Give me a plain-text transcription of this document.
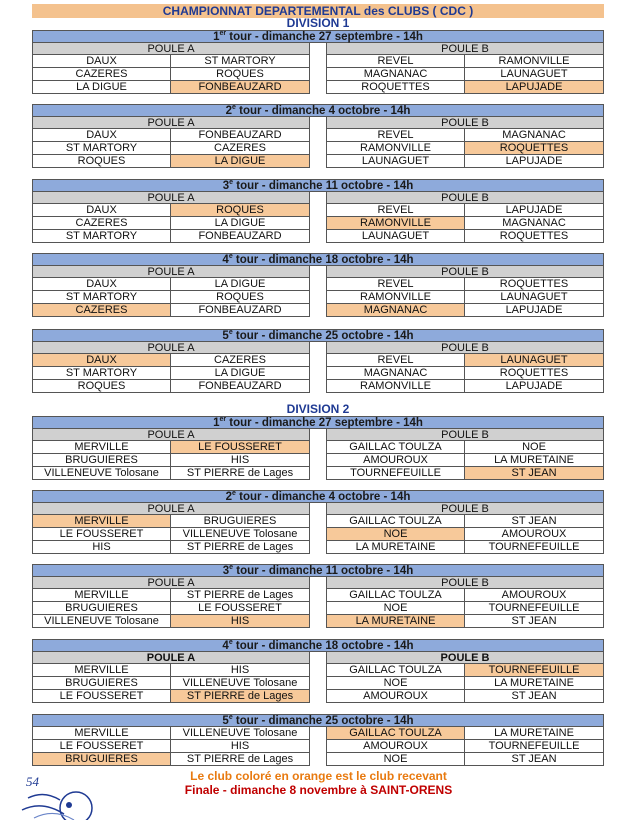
CHAMPIONNAT DEPARTEMENTAL des CLUBS ( CDC )
DIVISION 1
1er tour - dimanche 27 septembre - 14h
POULE A
DAUX	ST MARTORY
CAZERES	ROQUES
LA DIGUE	FONBEAUZARD
POULE B
REVEL	RAMONVILLE
MAGNANAC	LAUNAGUET
ROQUETTES	LAPUJADE
2e tour - dimanche 4 octobre - 14h
POULE A
DAUX	FONBEAUZARD
ST MARTORY	CAZERES
ROQUES	LA DIGUE
POULE B
REVEL	MAGNANAC
RAMONVILLE	ROQUETTES
LAUNAGUET	LAPUJADE
3e tour - dimanche 11 octobre - 14h
POULE A
DAUX	ROQUES
CAZERES	LA DIGUE
ST MARTORY	FONBEAUZARD
POULE B
REVEL	LAPUJADE
RAMONVILLE	MAGNANAC
LAUNAGUET	ROQUETTES
4e tour - dimanche 18 octobre - 14h
POULE A
DAUX	LA DIGUE
ST MARTORY	ROQUES
CAZERES	FONBEAUZARD
POULE B
REVEL	ROQUETTES
RAMONVILLE	LAUNAGUET
MAGNANAC	LAPUJADE
5e tour - dimanche 25 octobre - 14h
POULE A
DAUX	CAZERES
ST MARTORY	LA DIGUE
ROQUES	FONBEAUZARD
POULE B
REVEL	LAUNAGUET
MAGNANAC	ROQUETTES
RAMONVILLE	LAPUJADE
DIVISION 2
1er tour - dimanche 27 septembre - 14h
POULE A
MERVILLE	LE FOUSSERET
BRUGUIERES	HIS
VILLENEUVE Tolosane	ST PIERRE de Lages
POULE B
GAILLAC TOULZA	NOE
AMOUROUX	LA MURETAINE
TOURNEFEUILLE	ST JEAN
2e tour - dimanche 4 octobre - 14h
POULE A
MERVILLE	BRUGUIERES
LE FOUSSERET	VILLENEUVE Tolosane
HIS	ST PIERRE de Lages
POULE B
GAILLAC TOULZA	ST JEAN
NOE	AMOUROUX
LA MURETAINE	TOURNEFEUILLE
3e tour - dimanche 11 octobre - 14h
POULE A
MERVILLE	ST PIERRE de Lages
BRUGUIERES	LE FOUSSERET
VILLENEUVE Tolosane	HIS
POULE B
GAILLAC TOULZA	AMOUROUX
NOE	TOURNEFEUILLE
LA MURETAINE	ST JEAN
4e tour - dimanche 18 octobre - 14h
POULE A
MERVILLE	HIS
BRUGUIERES	VILLENEUVE Tolosane
LE FOUSSERET	ST PIERRE de Lages
POULE B
GAILLAC TOULZA	TOURNEFEUILLE
NOE	LA MURETAINE
AMOUROUX	ST JEAN
5e tour - dimanche 25 octobre - 14h
MERVILLE	VILLENEUVE Tolosane
LE FOUSSERET	HIS
BRUGUIERES	ST PIERRE de Lages
GAILLAC TOULZA	LA MURETAINE
AMOUROUX	TOURNEFEUILLE
NOE	ST JEAN
Le club coloré en orange est le club recevant
Finale - dimanche 8 novembre à SAINT-ORENS
54
